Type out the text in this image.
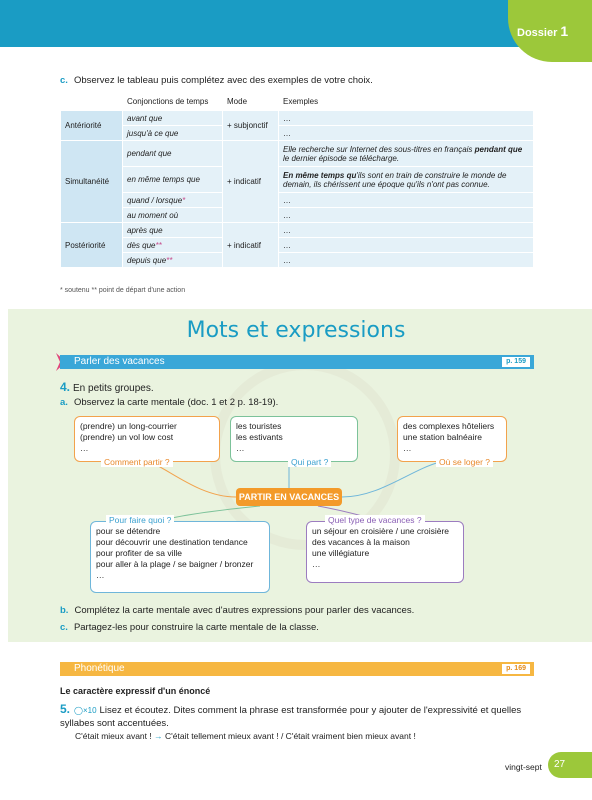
Dossier 1
c. Observez le tableau puis complétez avec des exemples de votre choix.
	Conjonctions de temps	Mode	Exemples
Antériorité	avant que	+ subjonctif	…
	jusqu'à ce que		…
Simultanéité	pendant que	+ indicatif	Elle recherche sur Internet des sous-titres en français pendant que le dernier épisode se télécharge.
	en même temps que		En même temps qu'ils sont en train de construire le monde de demain, ils chérissent une époque qu'ils n'ont pas connue.
	quand / lorsque*		…
	au moment où		…
Postériorité	après que	+ indicatif	…
	dès que**		…
	depuis que**		…
* soutenu ** point de départ d'une action
Mots et expressions
Parler des vacances	p. 159
4. En petits groupes.
a. Observez la carte mentale (doc. 1 et 2 p. 18-19).
(prendre) un long-courrier
(prendre) un vol low cost
…
Comment partir ?
les touristes
les estivants
…
Qui part ?
des complexes hôteliers
une station balnéaire
…
Où se loger ?
PARTIR EN VACANCES
pour se détendre
pour découvrir une destination tendance
pour profiter de sa ville
pour aller à la plage / se baigner / bronzer
…
Pour faire quoi ?
un séjour en croisière / une croisière
des vacances à la maison
une villégiature
…
Quel type de vacances ?
b. Complétez la carte mentale avec d'autres expressions pour parler des vacances.
c. Partagez-les pour construire la carte mentale de la classe.
Phonétique	p. 169
Le caractère expressif d'un énoncé
5. ◯×10 Lisez et écoutez. Dites comment la phrase est transformée pour y ajouter de l'expressivité et quelles syllabes sont accentuées.
C'était mieux avant ! → C'était tellement mieux avant ! / C'était vraiment bien mieux avant !
vingt-sept	27
